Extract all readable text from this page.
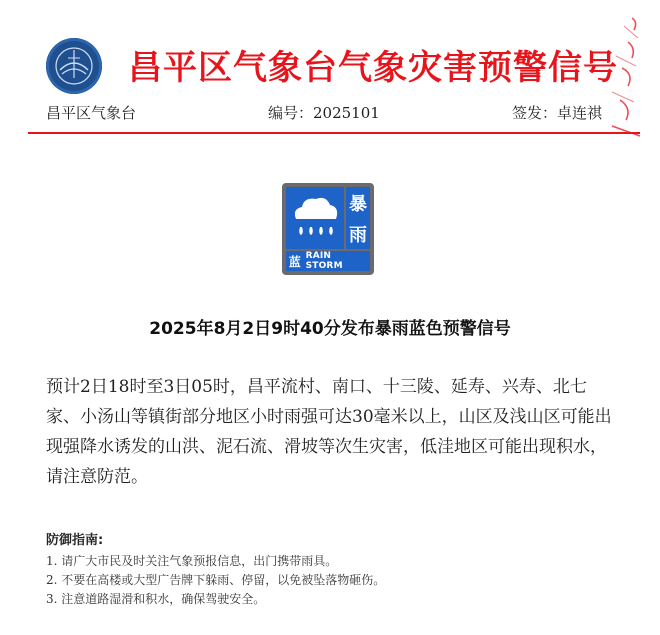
昌平区气象台气象灾害预警信号
昌平区气象台	编号：2025101	签发：卓连祺
暴
雨
蓝 RAIN STORM
2025年8月2日9时40分发布暴雨蓝色预警信号
预计2日18时至3日05时，昌平流村、南口、十三陵、延寿、兴寿、北七家、小汤山等镇街部分地区小时雨强可达30毫米以上，山区及浅山区可能出现强降水诱发的山洪、泥石流、滑坡等次生灾害，低洼地区可能出现积水，请注意防范。
防御指南:
1. 请广大市民及时关注气象预报信息，出门携带雨具。
2. 不要在高楼或大型广告牌下躲雨、停留，以免被坠落物砸伤。
3. 注意道路湿滑和积水，确保驾驶安全。
